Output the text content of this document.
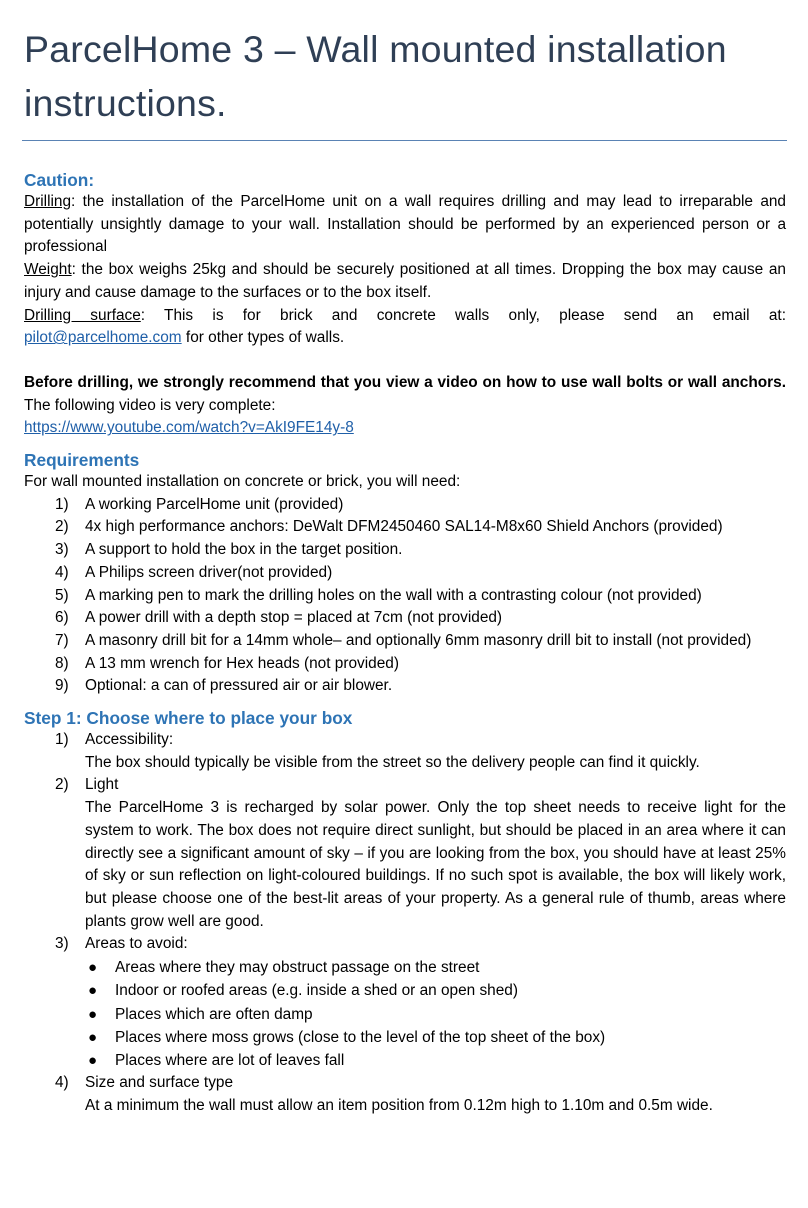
ParcelHome 3 – Wall mounted installation instructions.
Caution:

Drilling: the installation of the ParcelHome unit on a wall requires drilling and may lead to irreparable and potentially unsightly damage to your wall. Installation should be performed by an experienced person or a professional

Weight: the box weighs 25kg and should be securely positioned at all times. Dropping the box may cause an injury and cause damage to the surfaces or to the box itself.

Drilling surface: This is for brick and concrete walls only, please send an email at:

pilot@parcelhome.com for other types of walls.

Before drilling, we strongly recommend that you view a video on how to use wall bolts or wall anchors. The following video is very complete:

https://www.youtube.com/watch?v=AkI9FE14y-8

Requirements

For wall mounted installation on concrete or brick, you will need:

1) A working ParcelHome unit (provided)
2) 4x high performance anchors: DeWalt DFM2450460 SAL14-M8x60 Shield Anchors (provided)
3) A support to hold the box in the target position.
4) A Philips screen driver(not provided)
5) A marking pen to mark the drilling holes on the wall with a contrasting colour (not provided)
6) A power drill with a depth stop = placed at 7cm (not provided)
7) A masonry drill bit for a 14mm whole– and optionally 6mm masonry drill bit to install (not provided)
8) A 13 mm wrench for Hex heads (not provided)
9) Optional: a can of pressured air or air blower.
Step 1: Choose where to place your box
1) Accessibility:
The box should typically be visible from the street so the delivery people can find it quickly.
2) Light
The ParcelHome 3 is recharged by solar power. Only the top sheet needs to receive light for the system to work. The box does not require direct sunlight, but should be placed in an area where it can directly see a significant amount of sky – if you are looking from the box, you should have at least 25% of sky or sun reflection on light-coloured buildings. If no such spot is available, the box will likely work, but please choose one of the best-lit areas of your property. As a general rule of thumb, areas where plants grow well are good.
3) Areas to avoid:
● Areas where they may obstruct passage on the street
● Indoor or roofed areas (e.g. inside a shed or an open shed)
● Places which are often damp
● Places where moss grows (close to the level of the top sheet of the box)
● Places where are lot of leaves fall
4) Size and surface type
At a minimum the wall must allow an item position from 0.12m high to 1.10m and 0.5m wide.
